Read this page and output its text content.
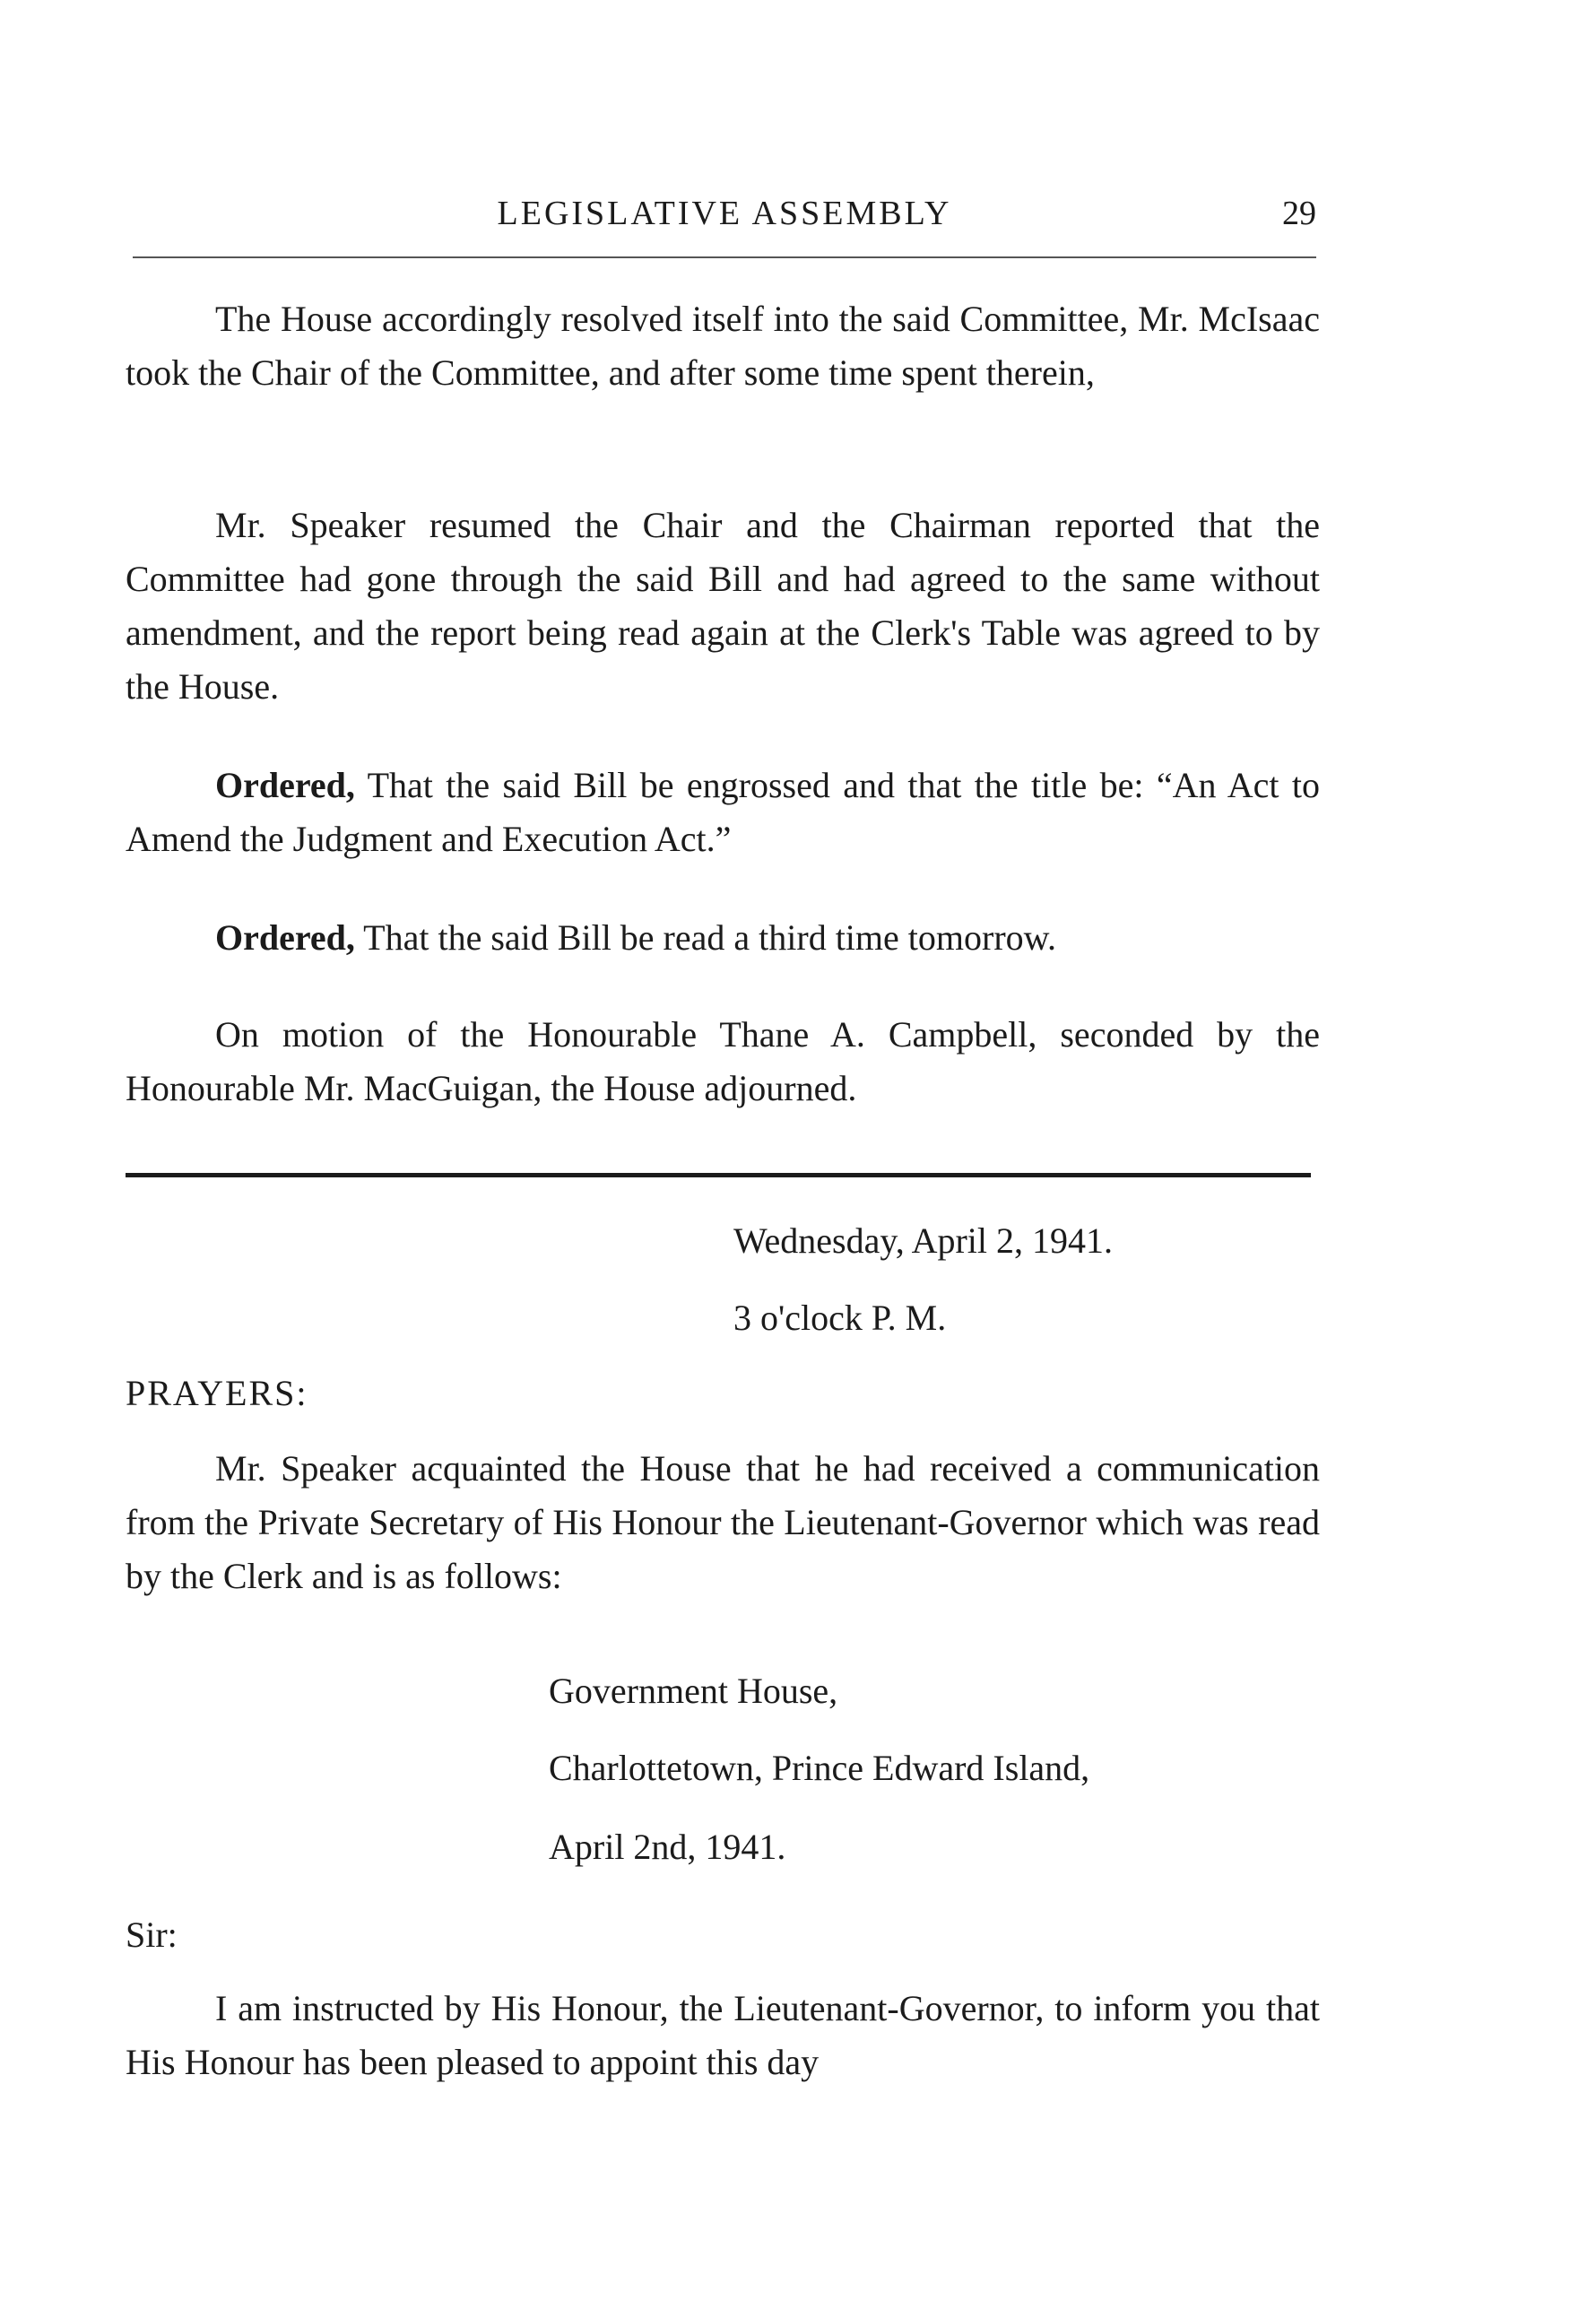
LEGISLATIVE ASSEMBLY	29

The House accordingly resolved itself into the said Committee, Mr. McIsaac took the Chair of the Committee, and after some time spent therein,

Mr. Speaker resumed the Chair and the Chairman reported that the Committee had gone through the said Bill and had agreed to the same without amendment, and the report being read again at the Clerk's Table was agreed to by the House.

Ordered, That the said Bill be engrossed and that the title be: “An Act to Amend the Judgment and Execution Act.”

Ordered, That the said Bill be read a third time tomorrow.

On motion of the Honourable Thane A. Campbell, seconded by the Honourable Mr. MacGuigan, the House adjourned.

Wednesday, April 2, 1941.

3 o'clock P. M.

PRAYERS:

Mr. Speaker acquainted the House that he had received a communication from the Private Secretary of His Honour the Lieutenant-Governor which was read by the Clerk and is as follows:

Government House,

Charlottetown, Prince Edward Island,

April 2nd, 1941.

Sir:

I am instructed by His Honour, the Lieutenant-Governor, to inform you that His Honour has been pleased to appoint this day
